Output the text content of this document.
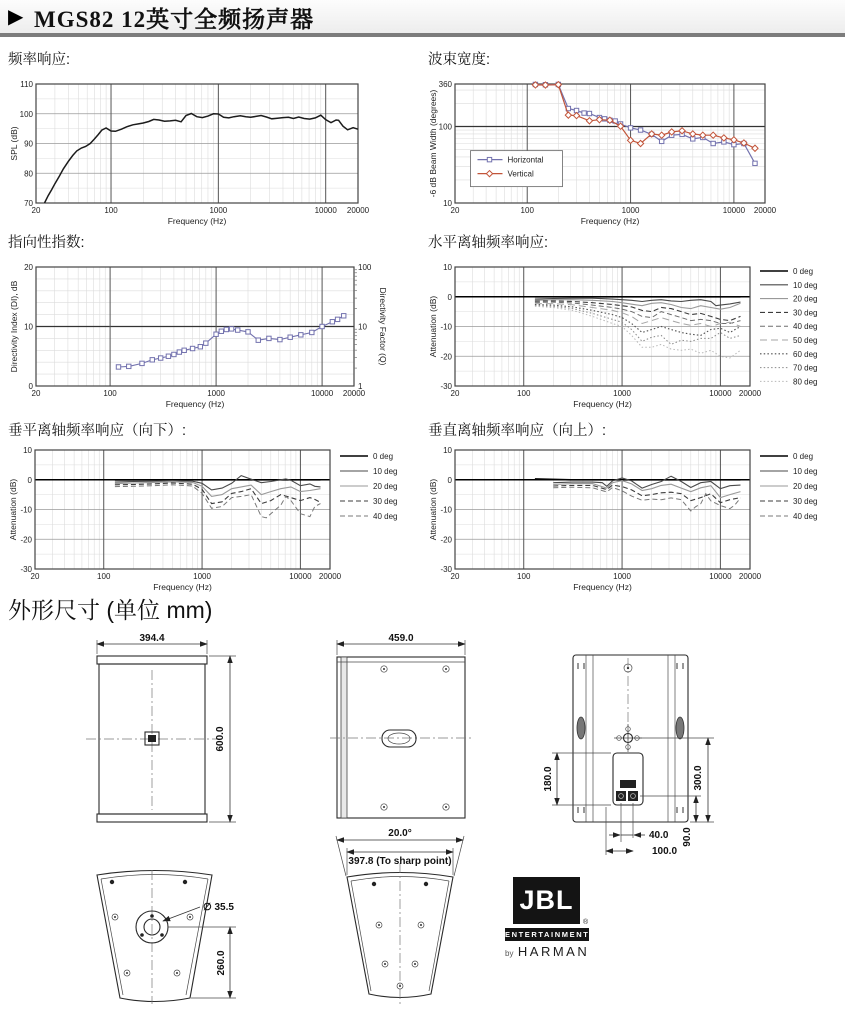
▶ MGS82 12英寸全频扬声器
频率响应:	波束宽度:
指向性指数:	水平离轴频率响应:
垂平离轴频率响应（向下）:	垂直离轴频率响应（向上）:
20	100	1000	10000 20000
110
100
90
80
70
Frequency (Hz)
SPL (dB)
20	100	1000	10000 20000
360
100
10
Frequency (Hz)
-6 dB Beam Width (degrees)	Horizontal
Vertical
20	100	1000	10000 20000
20
10
0
Frequency (Hz)
Directivity Index (DI), dB
100
10
1
Directivity Factor (Q)
20	100	1000	10000 20000
10
0
-10
-20
-30
Frequency (Hz)
Attenuation (dB)
0 deg
10 deg
20 deg
30 deg
40 deg
50 deg
60 deg
70 deg
80 deg
20	100	1000	10000 20000
10
0
-10
-20
-30
Frequency (Hz)
Attenuation (dB)
0 deg
10 deg
20 deg
30 deg
40 deg
20	100	1000	10000 20000
10
0
-10
-20
-30
Frequency (Hz)
Attenuation (dB)
0 deg
10 deg
20 deg
30 deg
40 deg
外形尺寸 (单位 mm)
394.4
600.0
459.0
20.0°
397.8 (To sharp point)
∅ 35.5
260.0
180.0	300.0
90.0
40.0
100.0
JBL
®
ENTERTAINMENT
by HARMAN
